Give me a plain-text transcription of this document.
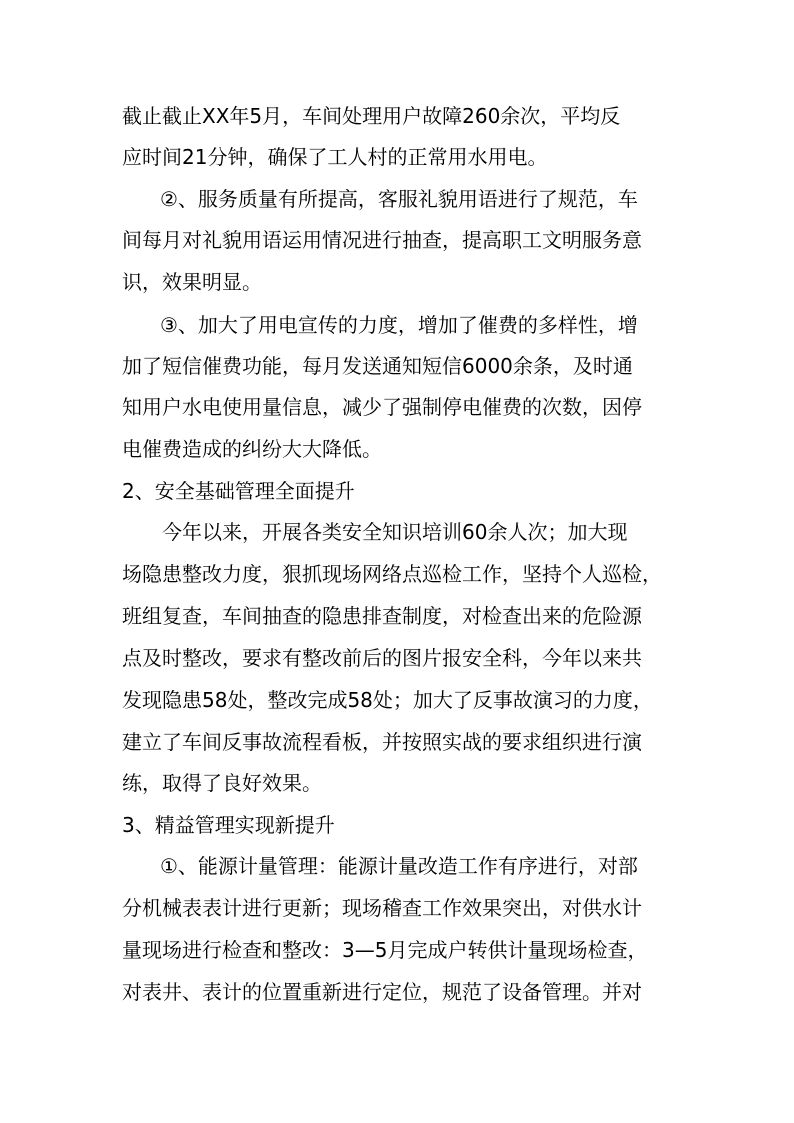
截止截止XX年5月，车间处理用户故障260余次，平均反
应时间21分钟，确保了工人村的正常用水用电。
②、服务质量有所提高，客服礼貌用语进行了规范，车
间每月对礼貌用语运用情况进行抽查，提高职工文明服务意
识，效果明显。
③、加大了用电宣传的力度，增加了催费的多样性，增
加了短信催费功能，每月发送通知短信6000余条，及时通
知用户水电使用量信息，减少了强制停电催费的次数，因停
电催费造成的纠纷大大降低。
2、安全基础管理全面提升
今年以来，开展各类安全知识培训60余人次；加大现
场隐患整改力度，狠抓现场网络点巡检工作，坚持个人巡检，
班组复查，车间抽查的隐患排查制度，对检查出来的危险源
点及时整改，要求有整改前后的图片报安全科，今年以来共
发现隐患58处，整改完成58处；加大了反事故演习的力度，
建立了车间反事故流程看板，并按照实战的要求组织进行演
练，取得了良好效果。
3、精益管理实现新提升
①、能源计量管理：能源计量改造工作有序进行，对部
分机械表表计进行更新；现场稽查工作效果突出，对供水计
量现场进行检查和整改：3—5月完成户转供计量现场检查，
对表井、表计的位置重新进行定位，规范了设备管理。并对
